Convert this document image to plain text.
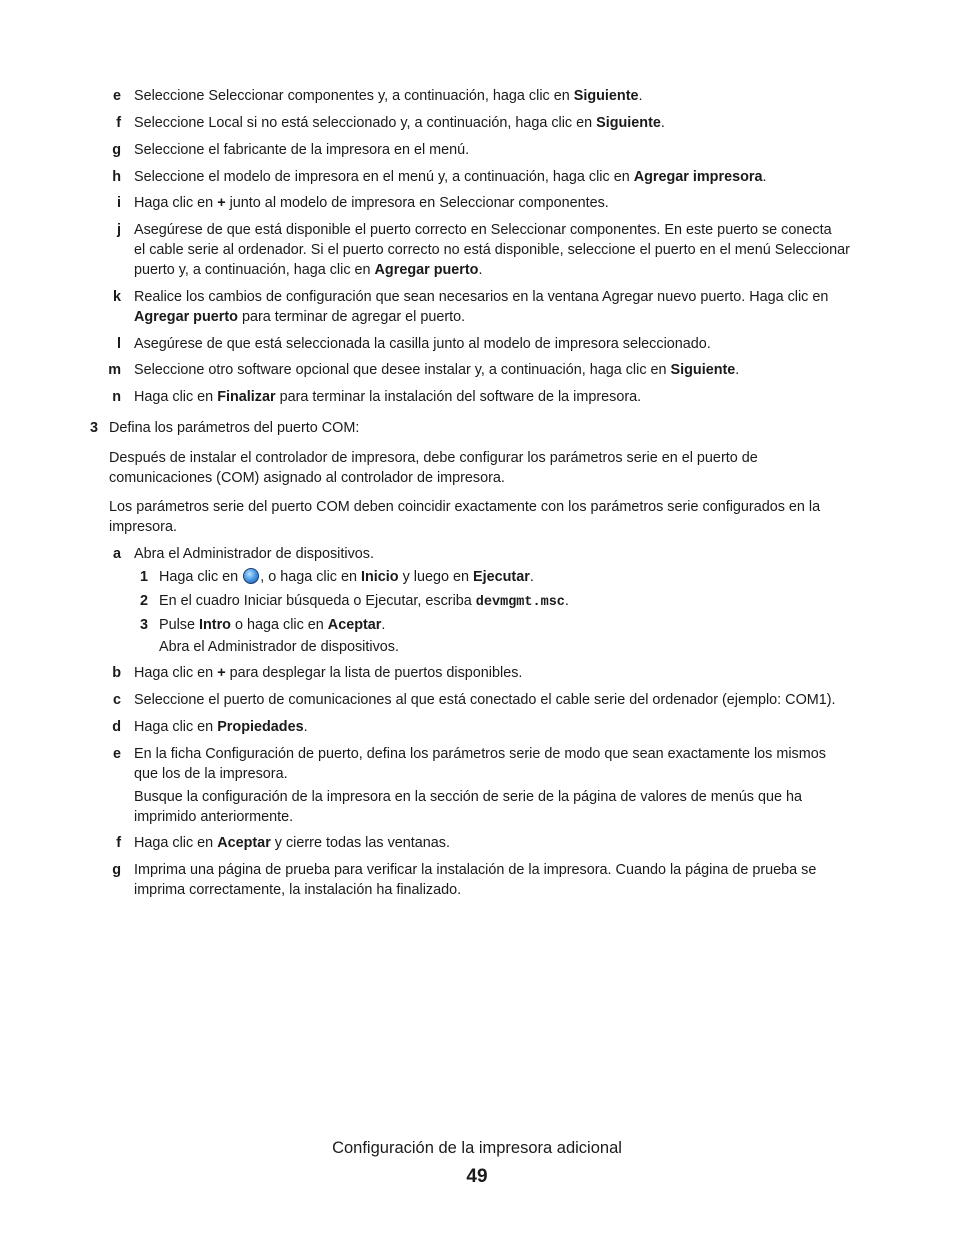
e Seleccione Seleccionar componentes y, a continuación, haga clic en Siguiente.
f Seleccione Local si no está seleccionado y, a continuación, haga clic en Siguiente.
g Seleccione el fabricante de la impresora en el menú.
h Seleccione el modelo de impresora en el menú y, a continuación, haga clic en Agregar impresora.
i Haga clic en + junto al modelo de impresora en Seleccionar componentes.
j Asegúrese de que está disponible el puerto correcto en Seleccionar componentes. En este puerto se conecta
el cable serie al ordenador. Si el puerto correcto no está disponible, seleccione el puerto en el menú Seleccionar
puerto y, a continuación, haga clic en Agregar puerto.
k Realice los cambios de configuración que sean necesarios en la ventana Agregar nuevo puerto. Haga clic en
Agregar puerto para terminar de agregar el puerto.
l Asegúrese de que está seleccionada la casilla junto al modelo de impresora seleccionado.
m Seleccione otro software opcional que desee instalar y, a continuación, haga clic en Siguiente.
n Haga clic en Finalizar para terminar la instalación del software de la impresora.
3 Defina los parámetros del puerto COM:
Después de instalar el controlador de impresora, debe configurar los parámetros serie en el puerto de
comunicaciones (COM) asignado al controlador de impresora.
Los parámetros serie del puerto COM deben coincidir exactamente con los parámetros serie configurados en la
impresora.
a Abra el Administrador de dispositivos.
1 Haga clic en , o haga clic en Inicio y luego en Ejecutar.
2 En el cuadro Iniciar búsqueda o Ejecutar, escriba devmgmt.msc.
3 Pulse Intro o haga clic en Aceptar.
Abra el Administrador de dispositivos.
b Haga clic en + para desplegar la lista de puertos disponibles.
c Seleccione el puerto de comunicaciones al que está conectado el cable serie del ordenador (ejemplo: COM1).
d Haga clic en Propiedades.
e En la ficha Configuración de puerto, defina los parámetros serie de modo que sean exactamente los mismos
que los de la impresora.
Busque la configuración de la impresora en la sección de serie de la página de valores de menús que ha
imprimido anteriormente.
f Haga clic en Aceptar y cierre todas las ventanas.
g Imprima una página de prueba para verificar la instalación de la impresora. Cuando la página de prueba se
imprima correctamente, la instalación ha finalizado.
Configuración de la impresora adicional
49
